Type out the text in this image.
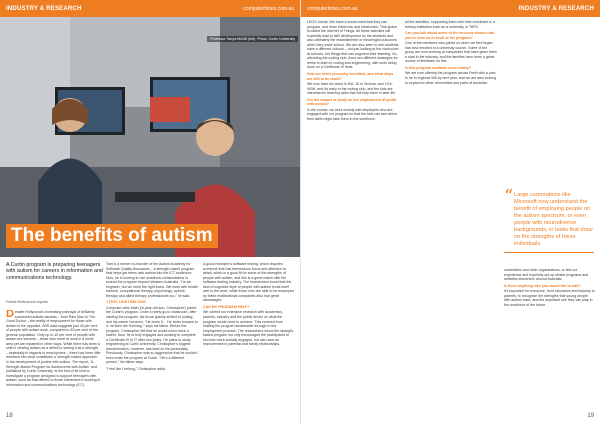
INDUSTRY & RESEARCH	computertimes.com.au
Professor Tanya McGill (left). Photo: Curtin University
The benefits of autism

A Curtin program is preparing teenagers with autism for careers in information and communications technology.

Felicia Bettencourt reports

Despite Hollywood's increasing portrayal of brilliantly successful autistic savants – from Rain Man to The Good Doctor – the reality of employment for those with autism is the opposite. ABS data suggests just 40 per cent of people with autism work, compared to 83 per cent of the general population. Only up to 10 per cent of people with autism are savants – those who excel at work in a niche area yet are impaired in other ways. While there has been a shift in viewing autism as a deficit to seeing it as a strength – especially in regards to employment – there has been little research into what constitutes a 'strength-based approach' in the development of youths with autism. The report, 'A Strength-Based Program for Adolescents with Autism' and published by Curtin University, is the first of its kind to investigate a program designed to support teenagers with autism, such as that offered to those interested in working in information and communications technology (ICT).

Tam is a former co-founder of the Autism Academy for Software Quality Assurance – a strength-based program that helps get teens with autism into the ICT workforce. Now, he is looking to use academic collaborations to extend the program beyond Western Australia. "I'm an engineer, but we need the right focus. We work with health science, occupational therapy, psychology, speech therapy and allied therapy professionals too," he said.

'I FEEL LIKE I BELONG'

Computer whiz Matt (18-year-old son, Christopher) joined the Curtin's program. Once a rarely go-to classroom, after starting the program, his focus quickly shifted to coding, and his career horizons. "He loves it… He looks forward to it, he likes the 'thinking'," says his father. Before the program, Christopher felt that he would never have a career. Now, he is fully engaged and working to complete a Certificate IV in IT after two years. He plans to study engineering at Curtin University. Christopher's biggest transformation, however, has been in his personality. Previously, Christopher was so aggressive that he couldn't even enter the program at Curtin. "He's a different person," his father says.

"I feel like I belong," Christopher adds.

A good example is software testing, which requires someone that has tremendous focus and attention to detail, which is a good fit for some of the strengths of people with autism, and this is a great match with the software testing industry. The researchers found that the kind of cognitive style of people with autism lends itself well to the work, while those who are able to be employed by these multinational companies also had great advantages.

CAN MY PROGRAM HELP?

We carried out extensive research with academics, parents, industry and the public sector on what the program would need to achieve. This covered from making the program sustainable through to the employment process. The researchers found the strength-based program not only encouraged the participants to become more socially engaged, but also saw an improvement in parental and family relationships.

18
computertimes.com.au	INDUSTRY & RESEARCH

LEGO robots. We have a social robot that they can program, and learn electronic and electronics. This space is called the Internet of Things. All these activities will hopefully lead to skill development by the students and also ultimately the establishment of meaningful outcomes when they leave school. We are also keen to see students have a different outlook – not just looking at the curriculum at schools, but things that can augment their learning. So, attending the coding club, there are different strategies for teens to learn in coding and engineering, with work being done on a Certificate IV level.

How are teens presently benefited, and what steps are still to be made?

We now have six clubs in WA, 10 in Victoria, and 13 in NSW, and it's early in the coding club, and the kids are interested in learning skills that will help them in later life.

Are the impact of study on the employment of youth with autism?

In the course, we work closely with employers who are engaged with our program so that the kids can see where their skills might take them in the workforce.

all the activities, supporting them with their enrolment in a tertiary institution such as a university or TAFE.

Can you talk about some of the success stories that you've seen as a result of the program?

One of the members who joined us when we first began has now enrolled in a university course. Some of the group are now working at companies that have given them a start in the industry, and the families have been a great source of feedback on this.

Is this program available more widely?

We are now offering the program across Perth with a plan to be in regional WA by next year, and we are also looking to expand to other universities and parts of Australia.

“ Large corporations like Microsoft now understand the benefit of employing people on the autism spectrum, or even people with neurodiverse backgrounds, in tasks that draw on the strengths of these individuals.

universities and other organisations, to test our experience and hopefully set up similar programs and activities elsewhere around Australia.

Is there anything else you would like to add?

It's important for everyone, from educators and industry to parents, to recognise the strengths that young people with autism have, and the important role they can play in the workforce of the future.

19
